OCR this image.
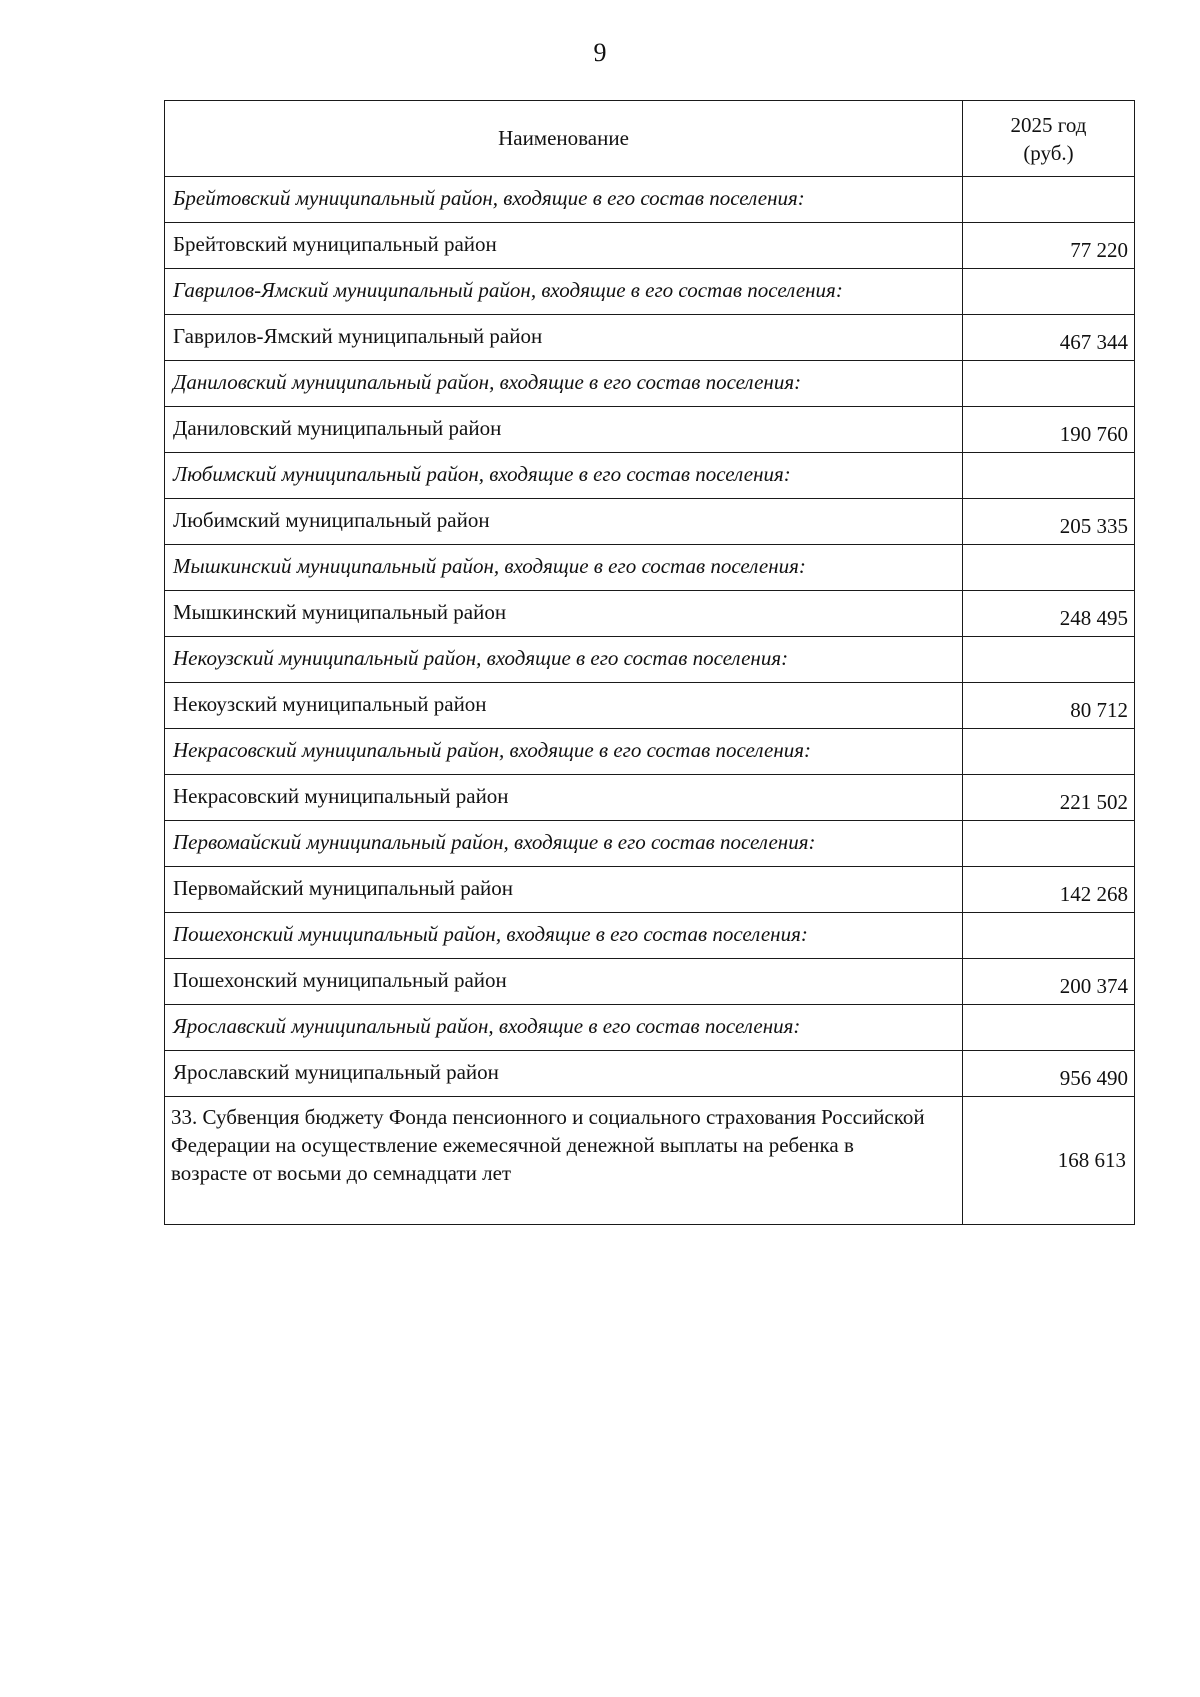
9
Наименование	2025 год
(руб.)

Брейтовский муниципальный район, входящие в его состав поселения:	
Брейтовский муниципальный район	77 220
Гаврилов-Ямский муниципальный район, входящие в его состав поселения:	
Гаврилов-Ямский муниципальный район	467 344
Даниловский муниципальный район, входящие в его состав поселения:	
Даниловский муниципальный район	190 760
Любимский муниципальный район, входящие в его состав поселения:	
Любимский муниципальный район	205 335
Мышкинский муниципальный район, входящие в его состав поселения:	
Мышкинский муниципальный район	248 495
Некоузский муниципальный район, входящие в его состав поселения:	
Некоузский муниципальный район	80 712
Некрасовский муниципальный район, входящие в его состав поселения:	
Некрасовский муниципальный район	221 502
Первомайский муниципальный район, входящие в его состав поселения:	
Первомайский муниципальный район	142 268
Пошехонский муниципальный район, входящие в его состав поселения:	
Пошехонский муниципальный район	200 374
Ярославский муниципальный район, входящие в его состав поселения:	
Ярославский муниципальный район	956 490
33. Субвенция бюджету Фонда пенсионного и социального страхования Российской Федерации на осуществление ежемесячной денежной выплаты на ребенка в возрасте от восьми до семнадцати лет	168 613
